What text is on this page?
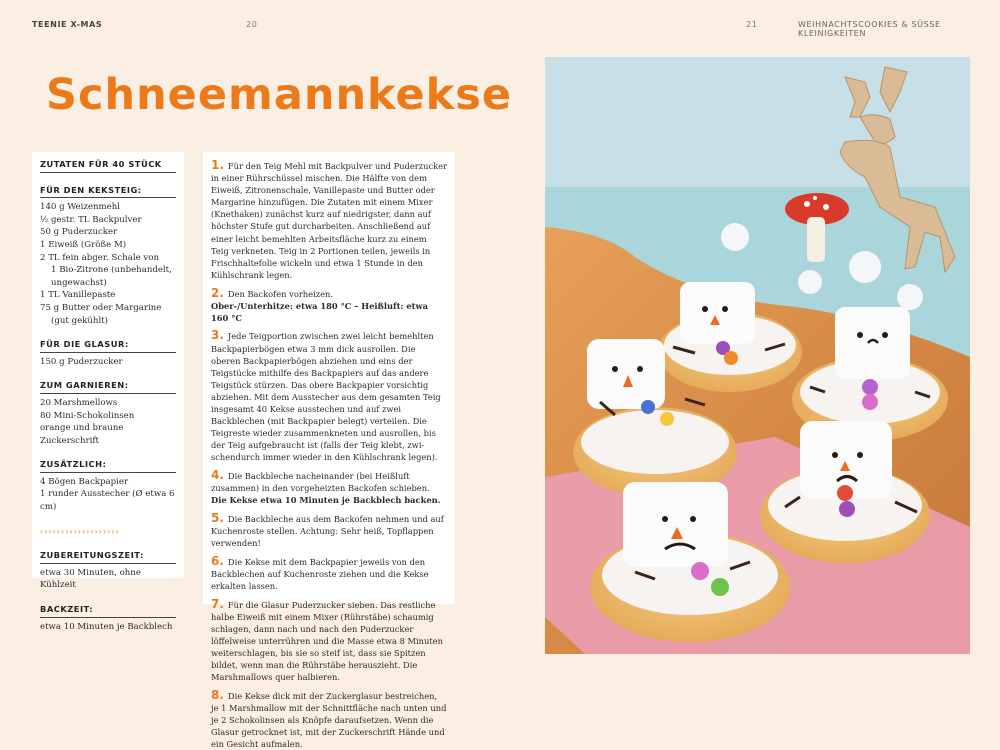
TEENIE X-MAS	20	21	WEIHNACHTSCOOKIES & SÜSSE KLEINIGKEITEN
Schneemannkekse
ZUTATEN FÜR 40 STÜCK
FÜR DEN KEKSTEIG:
140 g Weizenmehl
½ gestr. TL Backpulver
50 g Puderzucker
1 Eiweiß (Größe M)
2 TL fein abger. Schale von
1 Bio-Zitrone (unbehandelt,
ungewachst)
1 TL Vanillepaste
75 g Butter oder Margarine
(gut gekühlt)
FÜR DIE GLASUR:
150 g Puderzucker
ZUM GARNIEREN:
20 Marshmellows
80 Mini-Schokolinsen
orange und braune Zuckerschrift
ZUSÄTZLICH:
4 Bögen Backpapier
1 runder Ausstecher (Ø etwa 6 cm)
›››››››››››››››››››
ZUBEREITUNGSZEIT:
etwa 30 Minuten, ohne Kühlzeit
BACKZEIT:
etwa 10 Minuten je Backblech
1. Für den Teig Mehl mit Backpulver und Puderzucker in einer Rührschüssel mischen. Die Hälfte von dem Eiweiß, Zitronenschale, Vanillepaste und Butter oder Margarine hinzufügen. Die Zutaten mit einem Mixer (Knethaken) zunächst kurz auf niedrigster, dann auf höchster Stufe gut durcharbeiten. Anschließend auf einer leicht bemehlten Arbeitsfläche kurz zu einem Teig verkneten. Teig in 2 Portionen teilen, jeweils in Frischhaltefolie wickeln und etwa 1 Stunde in den Kühlschrank legen.
2. Den Backofen vorheizen.
Ober-/Unterhitze: etwa 180 °C – Heißluft: etwa 160 °C
3. Jede Teigportion zwischen zwei leicht bemehlten Backpapierbögen etwa 3 mm dick ausrollen. Die oberen Backpapierbögen abziehen und eins der Teigstücke mithilfe des Backpapiers auf das andere Teigstück stürzen. Das obere Backpapier vorsichtig abziehen. Mit dem Ausstecher aus dem gesamten Teig insgesamt 40 Kekse ausstechen und auf zwei Backblechen (mit Backpapier belegt) verteilen. Die Teigreste wieder zusammenkneten und ausrollen, bis der Teig aufgebraucht ist (falls der Teig klebt, zwi-schendurch immer wieder in den Kühlschrank legen).
4. Die Backbleche nacheinander (bei Heißluft zusammen) in den vorgeheizten Backofen schieben. Die Kekse etwa 10 Minuten je Backblech backen.
5. Die Backbleche aus dem Backofen nehmen und auf Kuchenroste stellen. Achtung: Sehr heiß, Topflappen verwenden!
6. Die Kekse mit dem Backpapier jeweils von den Backblechen auf Kuchenroste ziehen und die Kekse erkalten lassen.
7. Für die Glasur Puderzucker sieben. Das restliche halbe Eiweiß mit einem Mixer (Rührstäbe) schaumig schlagen, dann nach und nach den Puderzucker löffelweise unterrühren und die Masse etwa 8 Minuten weiterschlagen, bis sie so steif ist, dass sie Spitzen bildet, wenn man die Rührstäbe herauszieht. Die Marshmallows quer halbieren.
8. Die Kekse dick mit der Zuckerglasur bestreichen, je 1 Marshmallow mit der Schnittfläche nach unten und je 2 Schokolinsen als Knöpfe daraufsetzen. Wenn die Glasur getrocknet ist, mit der Zuckerschrift Hände und ein Gesicht aufmalen.
